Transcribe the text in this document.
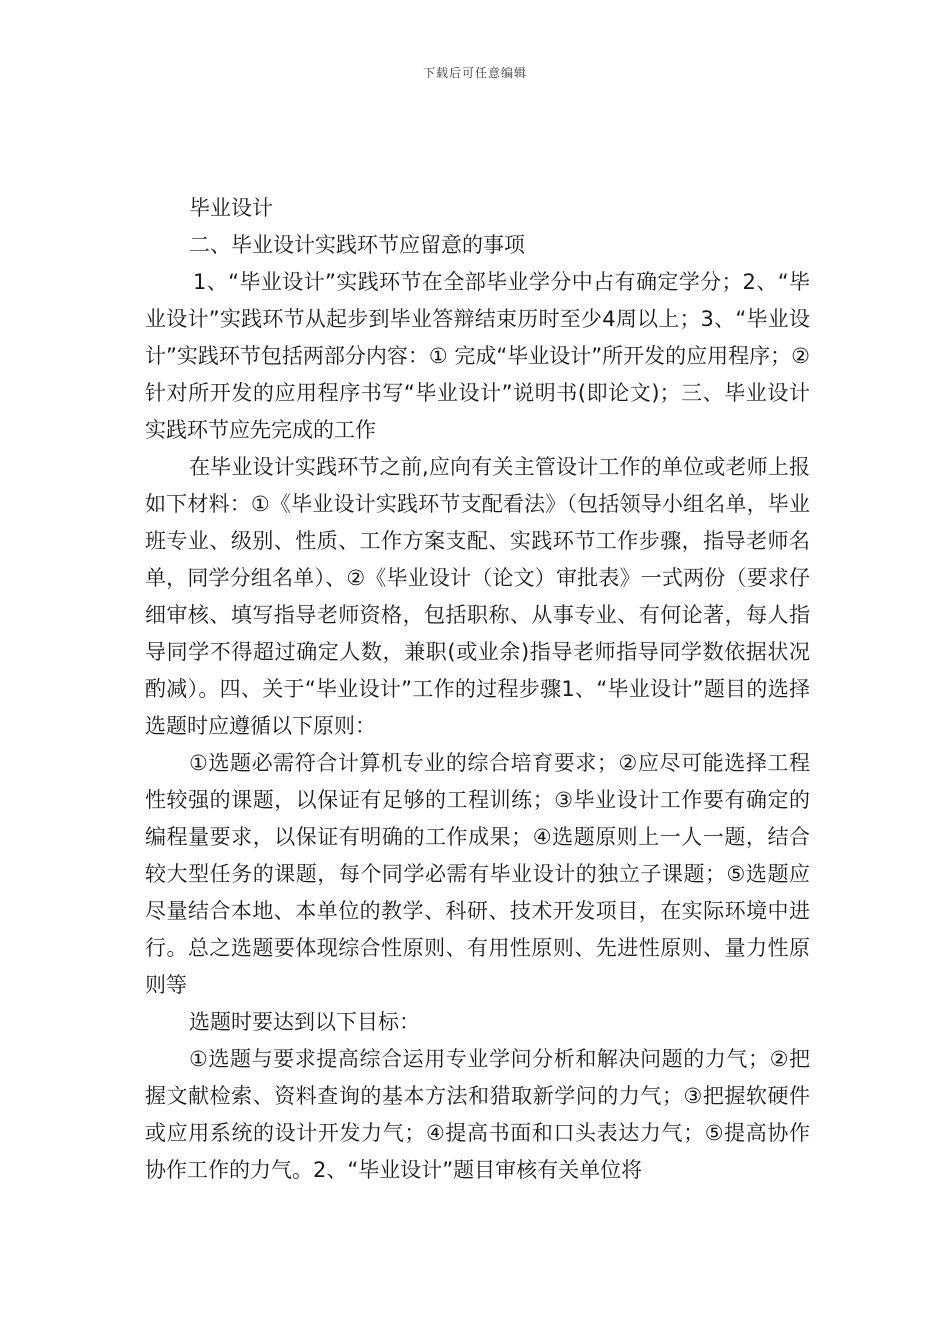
下载后可任意编辑

毕业设计

二、毕业设计实践环节应留意的事项

1、“毕业设计”实践环节在全部毕业学分中占有确定学分；2、“毕业设计”实践环节从起步到毕业答辩结束历时至少4周以上；3、“毕业设计”实践环节包括两部分内容：① 完成“毕业设计”所开发的应用程序；② 针对所开发的应用程序书写“毕业设计”说明书(即论文)；三、毕业设计实践环节应先完成的工作

在毕业设计实践环节之前,应向有关主管设计工作的单位或老师上报如下材料：①《毕业设计实践环节支配看法》（包括领导小组名单，毕业班专业、级别、性质、工作方案支配、实践环节工作步骤，指导老师名单，同学分组名单）、②《毕业设计（论文）审批表》一式两份（要求仔细审核、填写指导老师资格，包括职称、从事专业、有何论著，每人指导同学不得超过确定人数，兼职(或业余)指导老师指导同学数依据状况酌减）。四、关于“毕业设计”工作的过程步骤1、“毕业设计”题目的选择选题时应遵循以下原则：

①选题必需符合计算机专业的综合培育要求；②应尽可能选择工程性较强的课题，以保证有足够的工程训练；③毕业设计工作要有确定的编程量要求，以保证有明确的工作成果；④选题原则上一人一题，结合较大型任务的课题，每个同学必需有毕业设计的独立子课题；⑤选题应尽量结合本地、本单位的教学、科研、技术开发项目，在实际环境中进行。总之选题要体现综合性原则、有用性原则、先进性原则、量力性原则等

选题时要达到以下目标：

①选题与要求提高综合运用专业学问分析和解决问题的力气；②把握文献检索、资料查询的基本方法和猎取新学问的力气；③把握软硬件或应用系统的设计开发力气；④提高书面和口头表达力气；⑤提高协作协作工作的力气。2、“毕业设计”题目审核有关单位将
